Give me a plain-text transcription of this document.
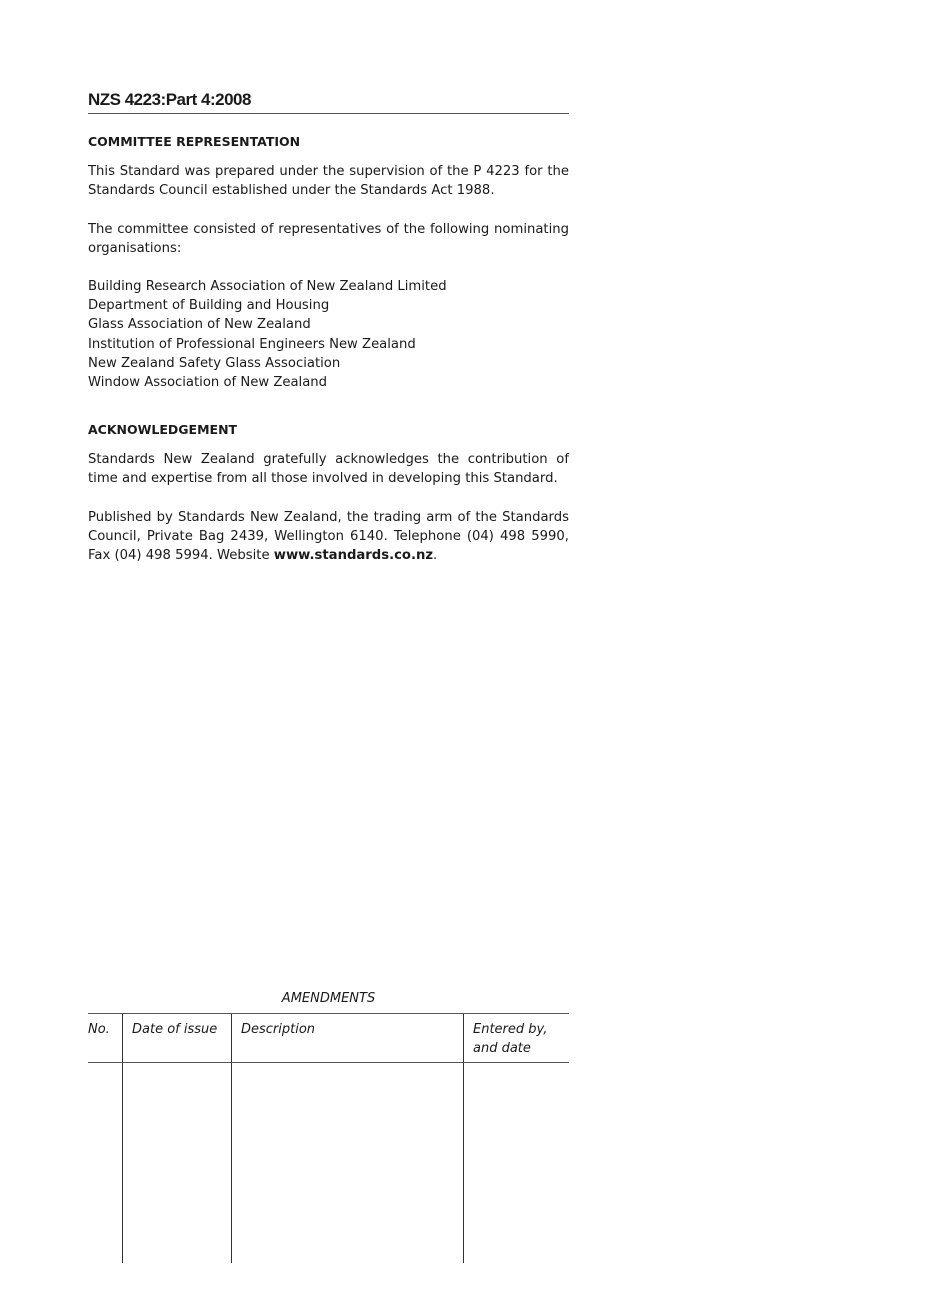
NZS 4223:Part 4:2008
COMMITTEE REPRESENTATION
This Standard was prepared under the supervision of the P 4223 for the Standards Council established under the Standards Act 1988.
The committee consisted of representatives of the following nominating organisations:
Building Research Association of New Zealand Limited
Department of Building and Housing
Glass Association of New Zealand
Institution of Professional Engineers New Zealand
New Zealand Safety Glass Association
Window Association of New Zealand
ACKNOWLEDGEMENT
Standards New Zealand gratefully acknowledges the contribution of time and expertise from all those involved in developing this Standard.
Published by Standards New Zealand, the trading arm of the Standards Council, Private Bag 2439, Wellington 6140. Telephone (04) 498 5990, Fax (04) 498 5994. Website www.standards.co.nz.
AMENDMENTS
No.	Date of issue	Description	Entered by, and date
